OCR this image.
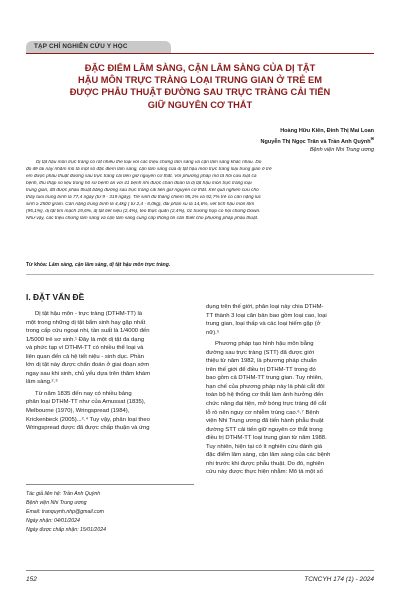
TẠP CHÍ NGHIÊN CỨU Y HỌC
ĐẶC ĐIỂM LÂM SÀNG, CẬN LÂM SÀNG CỦA DỊ TẬT
HẬU MÔN TRỰC TRÀNG LOẠI TRUNG GIAN Ở TRẺ EM
ĐƯỢC PHẪU THUẬT ĐƯỜNG SAU TRỰC TRÀNG CẢI TIẾN
GIỮ NGUYÊN CƠ THẮT
Hoàng Hữu Kiên, Đinh Thị Mai Loan
Nguyễn Thị Ngọc Trân và Trần Anh Quỳnh✉
Bệnh viện Nhi Trung ương
Dị tật hậu môn trực tràng có rất nhiều thể loại với các triệu chứng lâm sàng và cận lâm sàng khác nhau. Do
đó đề tài này nhằm mô tả một số đặc điểm lâm sàng, cận lâm sàng của dị tật hậu môn trực tràng loại trung gian ở trẻ
em được phẫu thuật đường sau trực tràng cải tiến giữ nguyên cơ thắt. Với phương pháp mô tả hồi cứu loạt ca
bệnh, thu thập số liệu trong hồ sơ bệnh án với 41 bệnh nhi được chẩn đoán là dị tật hậu môn trực tràng loại
trung gian, đã được phẫu thuật bằng đường sau trực tràng cải tiến giữ nguyên cơ thắt. Kết quả nghiên cứu cho
thấy tuổi trung bình là 77,4 ngày (từ 9 - 319 ngày). Trẻ sinh đủ tháng chiếm 95,1% và 92,7% trẻ có cân nặng lúc
sinh ≥ 2500 gram. Cân nặng trung bình là 4,4kg ( từ 2,4 - 8,0kg), đái phân su là 14,6%, vết tích hậu môn lõm
(95,1%), dị tật tim mạch 19,6%, dị tật tiết niệu (2,4%), teo thực quản (2,4%), 01 trường hợp có hội chứng Down.
Như vậy, các triệu chứng lâm sàng và cận lâm sàng cung cấp thông tin cần thiết cho phương pháp phẫu thuật.
Từ khóa: Lâm sàng, cận lâm sàng, dị tật hậu môn trực tràng.
I. ĐẶT VẤN ĐỀ
Dị tật hậu môn - trực tràng (DTHM-TT) là
một trong những dị tật bẩm sinh hay gặp nhất
trong cấp cứu ngoại nhi, tần suất là 1/4000 đến
1/5000 trẻ sơ sinh.¹ Đây là một dị tật đa dạng
và phức tạp vì DTHM-TT có nhiều thể loại và
liên quan đến cả hệ tiết niệu - sinh dục. Phần
lớn dị tật này được chẩn đoán ở giai đoạn sớm
ngay sau khi sinh, chủ yếu dựa trên thăm khám
lâm sàng.²˒³
Từ năm 1835 đến nay có nhiều bảng
phân loại DTHM-TT như của Amussat (1835),
Melbourne (1970), Wringspread (1984),
Krickenbeck (2005)...²˒⁴ Tuy vậy, phân loại theo
Wringspread được đã được chấp thuận và ứng
Tác giả liên hệ: Trần Anh Quỳnh
Bệnh viện Nhi Trung ương
Email: tranquynh.nhp@gmail.com
Ngày nhận: 04/01/2024
Ngày được chấp nhận: 15/01/2024
dụng trên thế giới, phân loại này chia DTHM-
TT thành 3 loại căn bản bao gồm loại cao, loại
trung gian, loại thấp và các loại hiếm gặp (ở
nữ).⁵
Phương pháp tạo hình hậu môn bằng
đường sau trực tràng (STT) đã được giới
thiệu từ năm 1982, là phương pháp chuẩn
trên thế giới để điều trị DTHM-TT trong đó
bao gồm cả DTHM-TT trung gian. Tuy nhiên,
hạn chế của phương pháp này là phải cắt đôi
toàn bộ hệ thống cơ thắt làm ảnh hưởng đến
chức năng đại tiện, mở bóng trực tràng để cắt
lỗ rò nên nguy cơ nhiễm trùng cao.⁶˒⁷ Bệnh
viện Nhi Trung ương đã tiến hành phẫu thuật
đường STT cải tiến giữ nguyên cơ thắt trong
điều trị DTHM-TT loại trung gian từ năm 1988.
Tuy nhiên, hiện tại có ít nghiên cứu đánh giá
đặc điểm lâm sàng, cận lâm sàng của các bệnh
nhi trước khi được phẫu thuật. Do đó, nghiên
cứu này được thực hiện nhằm: Mô tả một số
152	TCNCYH 174 (1) - 2024
